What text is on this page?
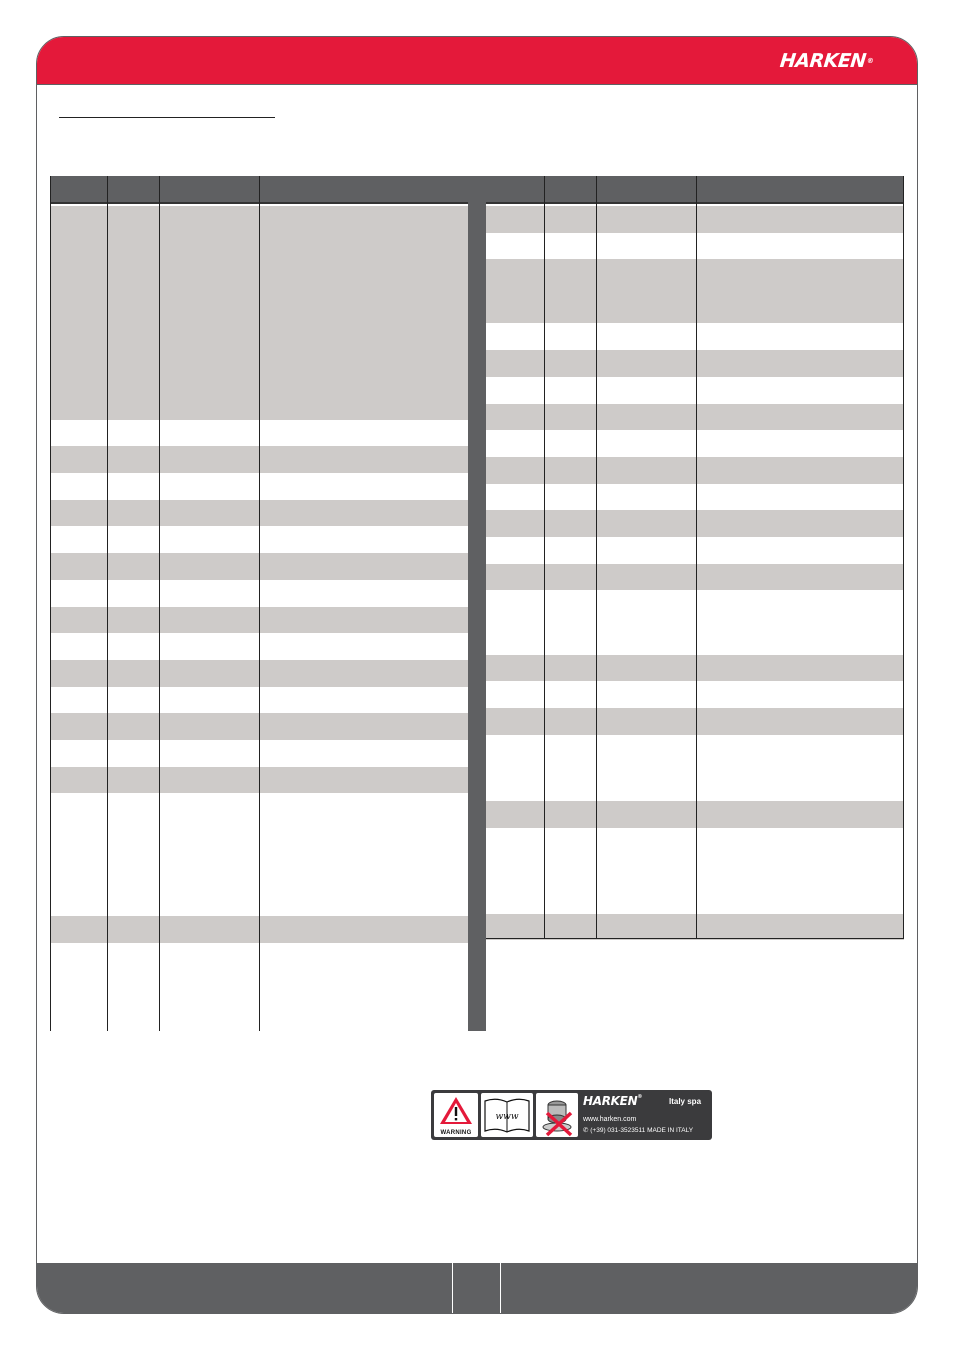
HARKEN®
WARNING
www
HARKEN®	Italy spa
www.harken.com
✆ (+39) 031-3523511 MADE IN ITALY
